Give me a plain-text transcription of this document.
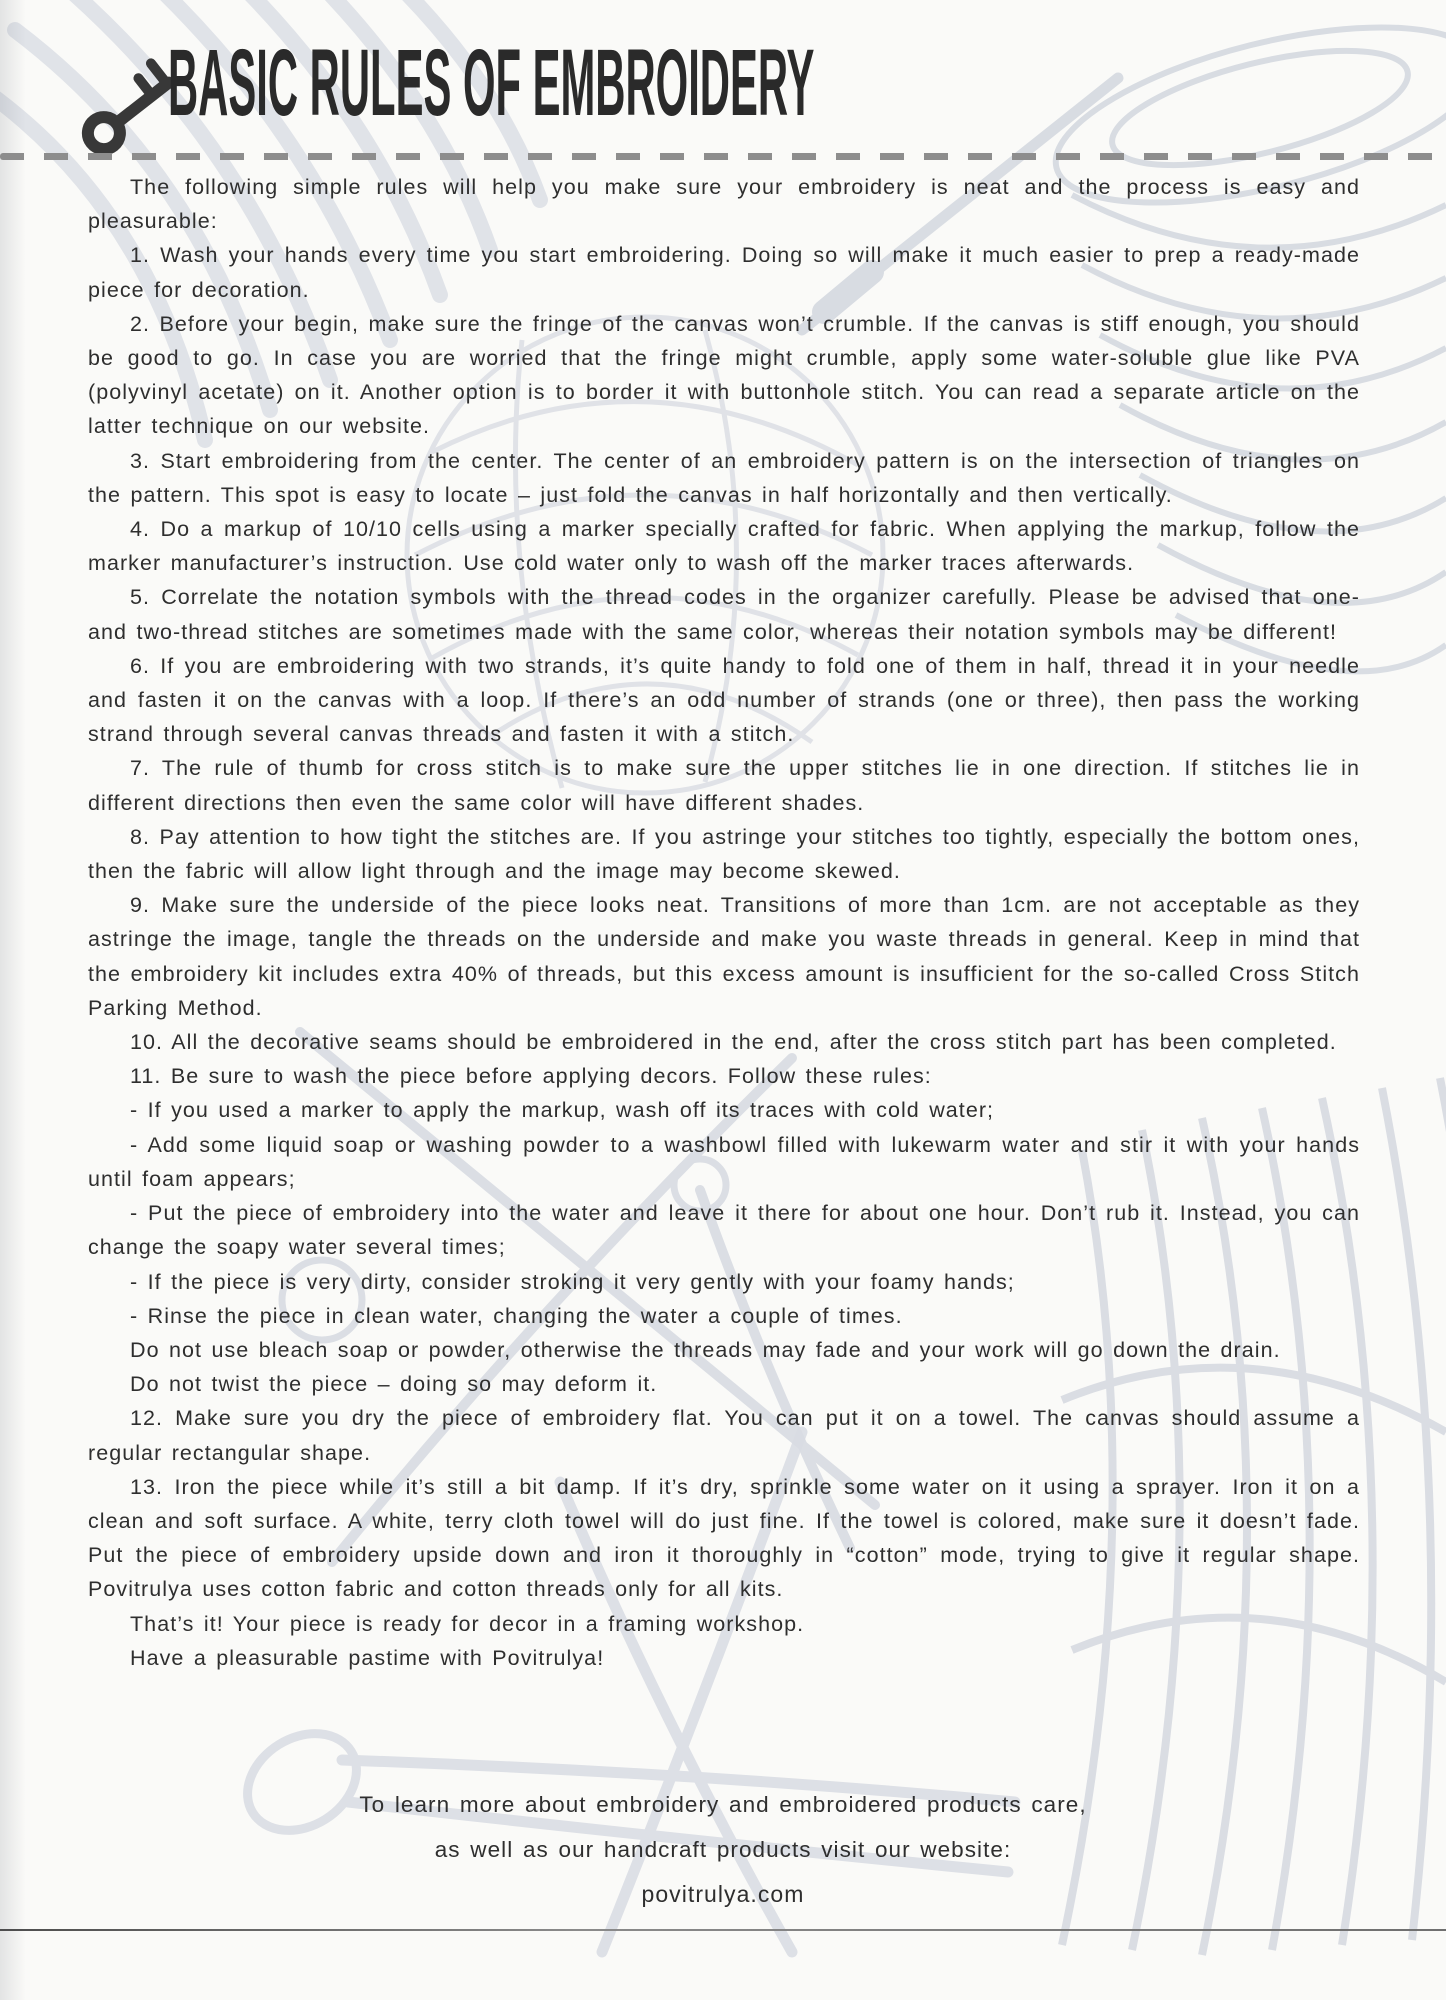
BASIC RULES OF EMBROIDERY

The following simple rules will help you make sure your embroidery is neat and the process is easy and pleasurable:

1. Wash your hands every time you start embroidering. Doing so will make it much easier to prep a ready-made piece for decoration.

2. Before your begin, make sure the fringe of the canvas won’t crumble. If the canvas is stiff enough, you should be good to go. In case you are worried that the fringe might crumble, apply some water-soluble glue like PVA (polyvinyl acetate) on it. Another option is to border it with buttonhole stitch. You can read a separate article on the latter technique on our website.

3. Start embroidering from the center. The center of an embroidery pattern is on the intersection of triangles on the pattern. This spot is easy to locate – just fold the canvas in half horizontally and then vertically.

4. Do a markup of 10/10 cells using a marker specially crafted for fabric. When applying the markup, follow the marker manufacturer’s instruction. Use cold water only to wash off the marker traces afterwards.

5. Correlate the notation symbols with the thread codes in the organizer carefully. Please be advised that one- and two-thread stitches are sometimes made with the same color, whereas their notation symbols may be different!

6. If you are embroidering with two strands, it’s quite handy to fold one of them in half, thread it in your needle and fasten it on the canvas with a loop. If there’s an odd number of strands (one or three), then pass the working strand through several canvas threads and fasten it with a stitch.

7. The rule of thumb for cross stitch is to make sure the upper stitches lie in one direction. If stitches lie in different directions then even the same color will have different shades.

8. Pay attention to how tight the stitches are. If you astringe your stitches too tightly, especially the bottom ones, then the fabric will allow light through and the image may become skewed.

9. Make sure the underside of the piece looks neat. Transitions of more than 1cm. are not acceptable as they astringe the image, tangle the threads on the underside and make you waste threads in general. Keep in mind that the embroidery kit includes extra 40% of threads, but this excess amount is insufficient for the so-called Cross Stitch Parking Method.

10. All the decorative seams should be embroidered in the end, after the cross stitch part has been completed.

11. Be sure to wash the piece before applying decors. Follow these rules:

- If you used a marker to apply the markup, wash off its traces with cold water;

- Add some liquid soap or washing powder to a washbowl filled with lukewarm water and stir it with your hands until foam appears;

- Put the piece of embroidery into the water and leave it there for about one hour. Don’t rub it. Instead, you can change the soapy water several times;

- If the piece is very dirty, consider stroking it very gently with your foamy hands;

- Rinse the piece in clean water, changing the water a couple of times.

Do not use bleach soap or powder, otherwise the threads may fade and your work will go down the drain.

Do not twist the piece – doing so may deform it.

12. Make sure you dry the piece of embroidery flat. You can put it on a towel. The canvas should assume a regular rectangular shape.

13. Iron the piece while it’s still a bit damp. If it’s dry, sprinkle some water on it using a sprayer. Iron it on a clean and soft surface. A white, terry cloth towel will do just fine. If the towel is colored, make sure it doesn’t fade. Put the piece of embroidery upside down and iron it thoroughly in “cotton” mode, trying to give it regular shape. Povitrulya uses cotton fabric and cotton threads only for all kits.

That’s it! Your piece is ready for decor in a framing workshop.

Have a pleasurable pastime with Povitrulya!

To learn more about embroidery and embroidered products care,
as well as our handcraft products visit our website:
povitrulya.com
